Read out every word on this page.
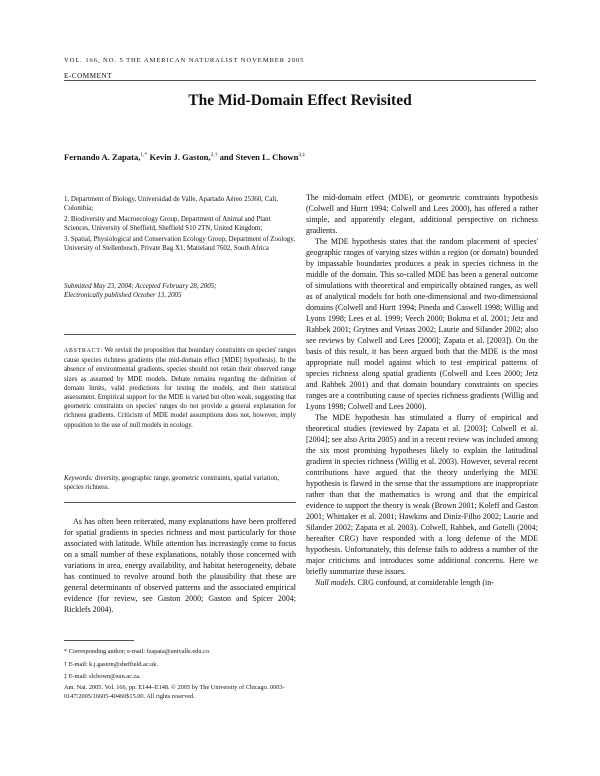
VOL. 166, NO. 5 THE AMERICAN NATURALIST NOVEMBER 2005
E-COMMENT
The Mid-Domain Effect Revisited
Fernando A. Zapata,$^{1,*}$ Kevin J. Gaston,$^{2,\dagger}$ and Steven L. Chown$^{3,\ddagger}$

1. Department of Biology, Universidad de Valle, Apartado Aéreo 25360, Cali, Colombia;

2. Biodiversity and Macroecology Group, Department of Animal and Plant Sciences, University of Sheffield, Sheffield S10 2TN, United Kingdom;

3. Spatial, Physiological and Conservation Ecology Group, Department of Zoology, University of Stellenbosch, Private Bag X1, Matieland 7602, South Africa

Submitted May 23, 2004; Accepted February 28, 2005;
Electronically published October 13, 2005
ABSTRACT: We revisit the proposition that boundary constraints on species' ranges cause species richness gradients (the mid-domain effect [MDE] hypothesis). In the absence of environmental gradients, species should not retain their observed range sizes as assumed by MDE models. Debate remains regarding the definition of domain limits, valid predictions for testing the models, and their statistical assessment. Empirical support for the MDE is varied but often weak, suggesting that geometric constraints on species' ranges do not provide a general explanation for richness gradients. Criticism of MDE model assumptions does not, however, imply opposition to the use of null models in ecology.
Keywords: diversity, geographic range, geometric constraints, spatial variation, species richness.

As has often been reiterated, many explanations have been proffered for spatial gradients in species richness and most particularly for those associated with latitude. While attention has increasingly come to focus on a small number of these explanations, notably those concerned with variations in area, energy availability, and habitat heterogeneity, debate has continued to revolve around both the plausibility that these are general determinants of observed patterns and the associated empirical evidence (for review, see Gaston 2000; Gaston and Spicer 2004; Ricklefs 2004).

* Corresponding author; e-mail: fzapata@univalle.edu.co.

† E-mail: k.j.gaston@sheffield.ac.uk.

‡ E-mail: slchown@sun.ac.za.

Am. Nat. 2005. Vol. 166, pp. E144–E148. © 2005 by The University of Chicago. 0003-0147/2005/16605-40460$15.00. All rights reserved.

The mid-domain effect (MDE), or geometric constraints hypothesis (Colwell and Hurtt 1994; Colwell and Lees 2000), has offered a rather simple, and apparently elegant, additional perspective on richness gradients.

The MDE hypothesis states that the random placement of species' geographic ranges of varying sizes within a region (or domain) bounded by impassable boundaries produces a peak in species richness in the middle of the domain. This so-called MDE has been a general outcome of simulations with theoretical and empirically obtained ranges, as well as of analytical models for both one-dimensional and two-dimensional domains (Colwell and Hurtt 1994; Pineda and Caswell 1998; Willig and Lyons 1998; Lees et al. 1999; Veech 2000; Bokma et al. 2001; Jetz and Rahbek 2001; Grytnes and Vetaas 2002; Laurie and Silander 2002; also see reviews by Colwell and Lees [2000]; Zapata et al. [2003]). On the basis of this result, it has been argued both that the MDE is the most appropriate null model against which to test empirical patterns of species richness along spatial gradients (Colwell and Lees 2000; Jetz and Rahbek 2001) and that domain boundary constraints on species ranges are a contributing cause of species richness gradients (Willig and Lyons 1998; Colwell and Lees 2000).

The MDE hypothesis has stimulated a flurry of empirical and theoretical studies (reviewed by Zapata et al. [2003]; Colwell et al. [2004]; see also Arita 2005) and in a recent review was included among the six most promising hypotheses likely to explain the latitudinal gradient in species richness (Willig et al. 2003). However, several recent contributions have argued that the theory underlying the MDE hypothesis is flawed in the sense that the assumptions are inappropriate rather than that the mathematics is wrong and that the empirical evidence to support the theory is weak (Brown 2001; Koleff and Gaston 2001; Whittaker et al. 2001; Hawkins and Diniz-Filho 2002; Laurie and Silander 2002; Zapata et al. 2003). Colwell, Rahbek, and Gotelli (2004; hereafter CRG) have responded with a long defense of the MDE hypothesis. Unfortunately, this defense fails to address a number of the major criticisms and introduces some additional concerns. Here we briefly summarize these issues.

Null models. CRG confound, at considerable length (in-
